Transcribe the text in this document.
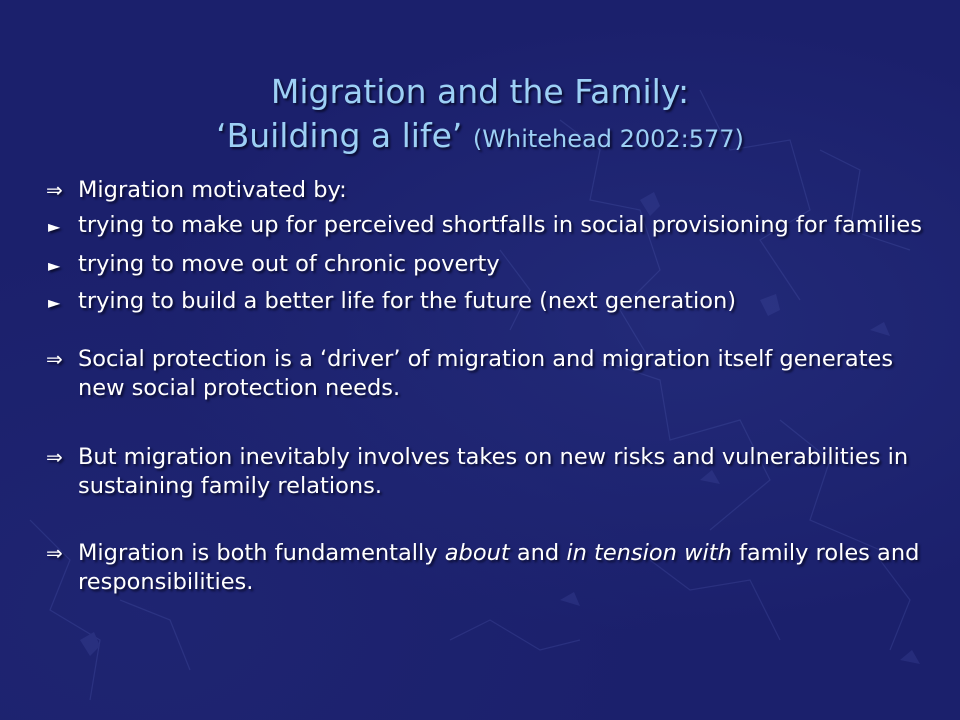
Migration and the Family:
‘Building a life’ (Whitehead 2002:577)
⇒ Migration motivated by:
► trying to make up for perceived shortfalls in social provisioning for families
► trying to move out of chronic poverty
► trying to build a better life for the future (next generation)
⇒ Social protection is a ‘driver’ of migration and migration itself generates new social protection needs.
⇒ But migration inevitably involves takes on new risks and vulnerabilities in sustaining family relations.
⇒ Migration is both fundamentally about and in tension with family roles and responsibilities.
